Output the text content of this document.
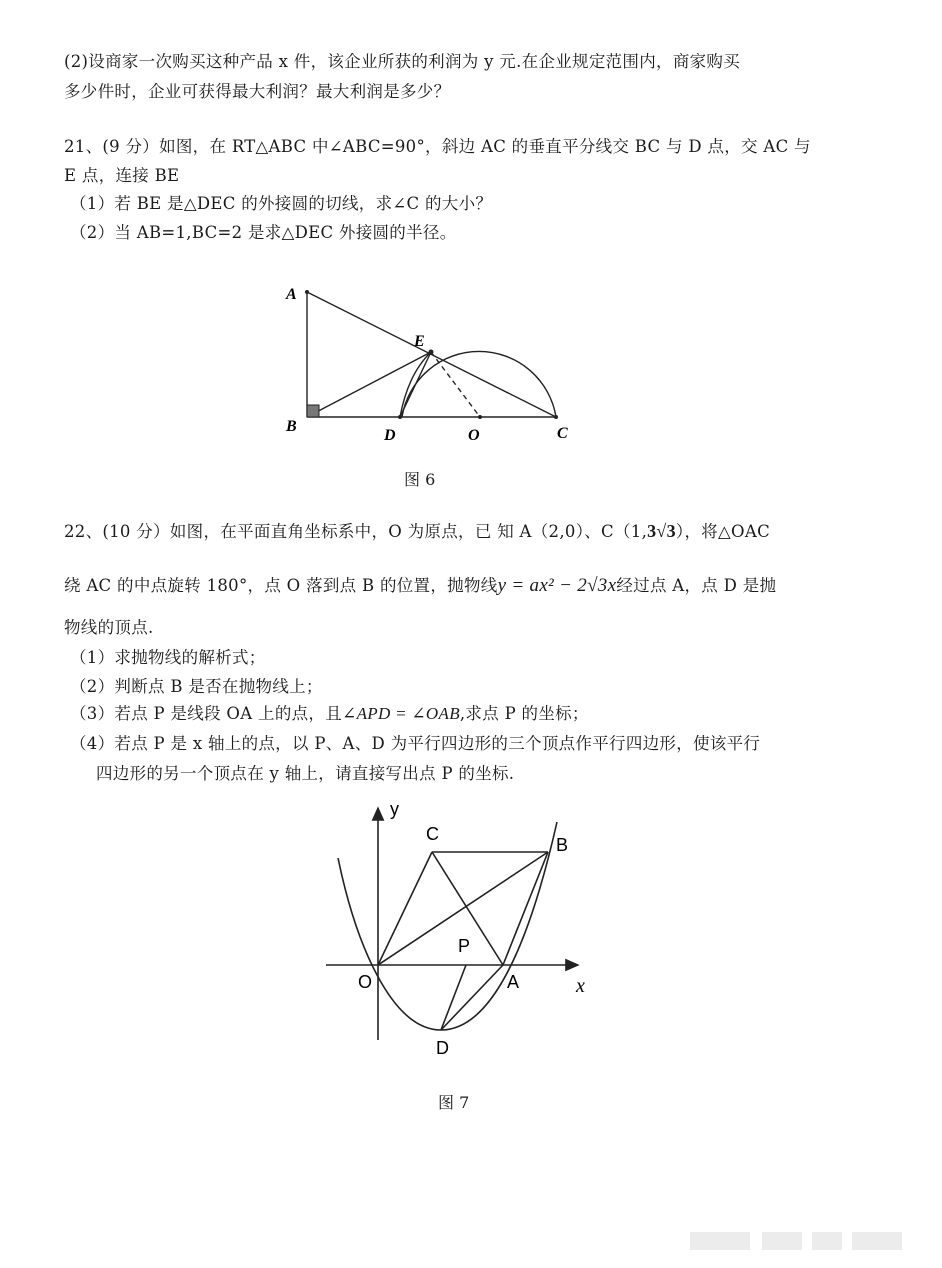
(2)设商家一次购买这种产品 x 件，该企业所获的利润为 y 元.在企业规定范围内，商家购买
多少件时，企业可获得最大利润？最大利润是多少？
21、(9 分）如图，在 RT△ABC 中∠ABC=90°，斜边 AC 的垂直平分线交 BC 与 D 点，交 AC 与
E 点，连接 BE
（1）若 BE 是△DEC 的外接圆的切线，求∠C 的大小？
（2）当 AB=1,BC=2 是求△DEC 外接圆的半径。
A
B
E
D	O	C
图 6
22、(10 分）如图，在平面直角坐标系中，O 为原点，已 知 A（2,0）、C（1,3√3），将△OAC
绕 AC 的中点旋转 180°，点 O 落到点 B 的位置，抛物线y = ax² − 2√3x经过点 A，点 D 是抛
物线的顶点.
（1）求抛物线的解析式；
（2）判断点 B 是否在抛物线上；
（3）若点 P 是线段 OA 上的点，且∠APD = ∠OAB,求点 P 的坐标；
（4）若点 P 是 x 轴上的点，以 P、A、D 为平行四边形的三个顶点作平行四边形，使该平行
四边形的另一个顶点在 y 轴上，请直接写出点 P 的坐标.
y
x
C
B
P
O	A
D
图 7
